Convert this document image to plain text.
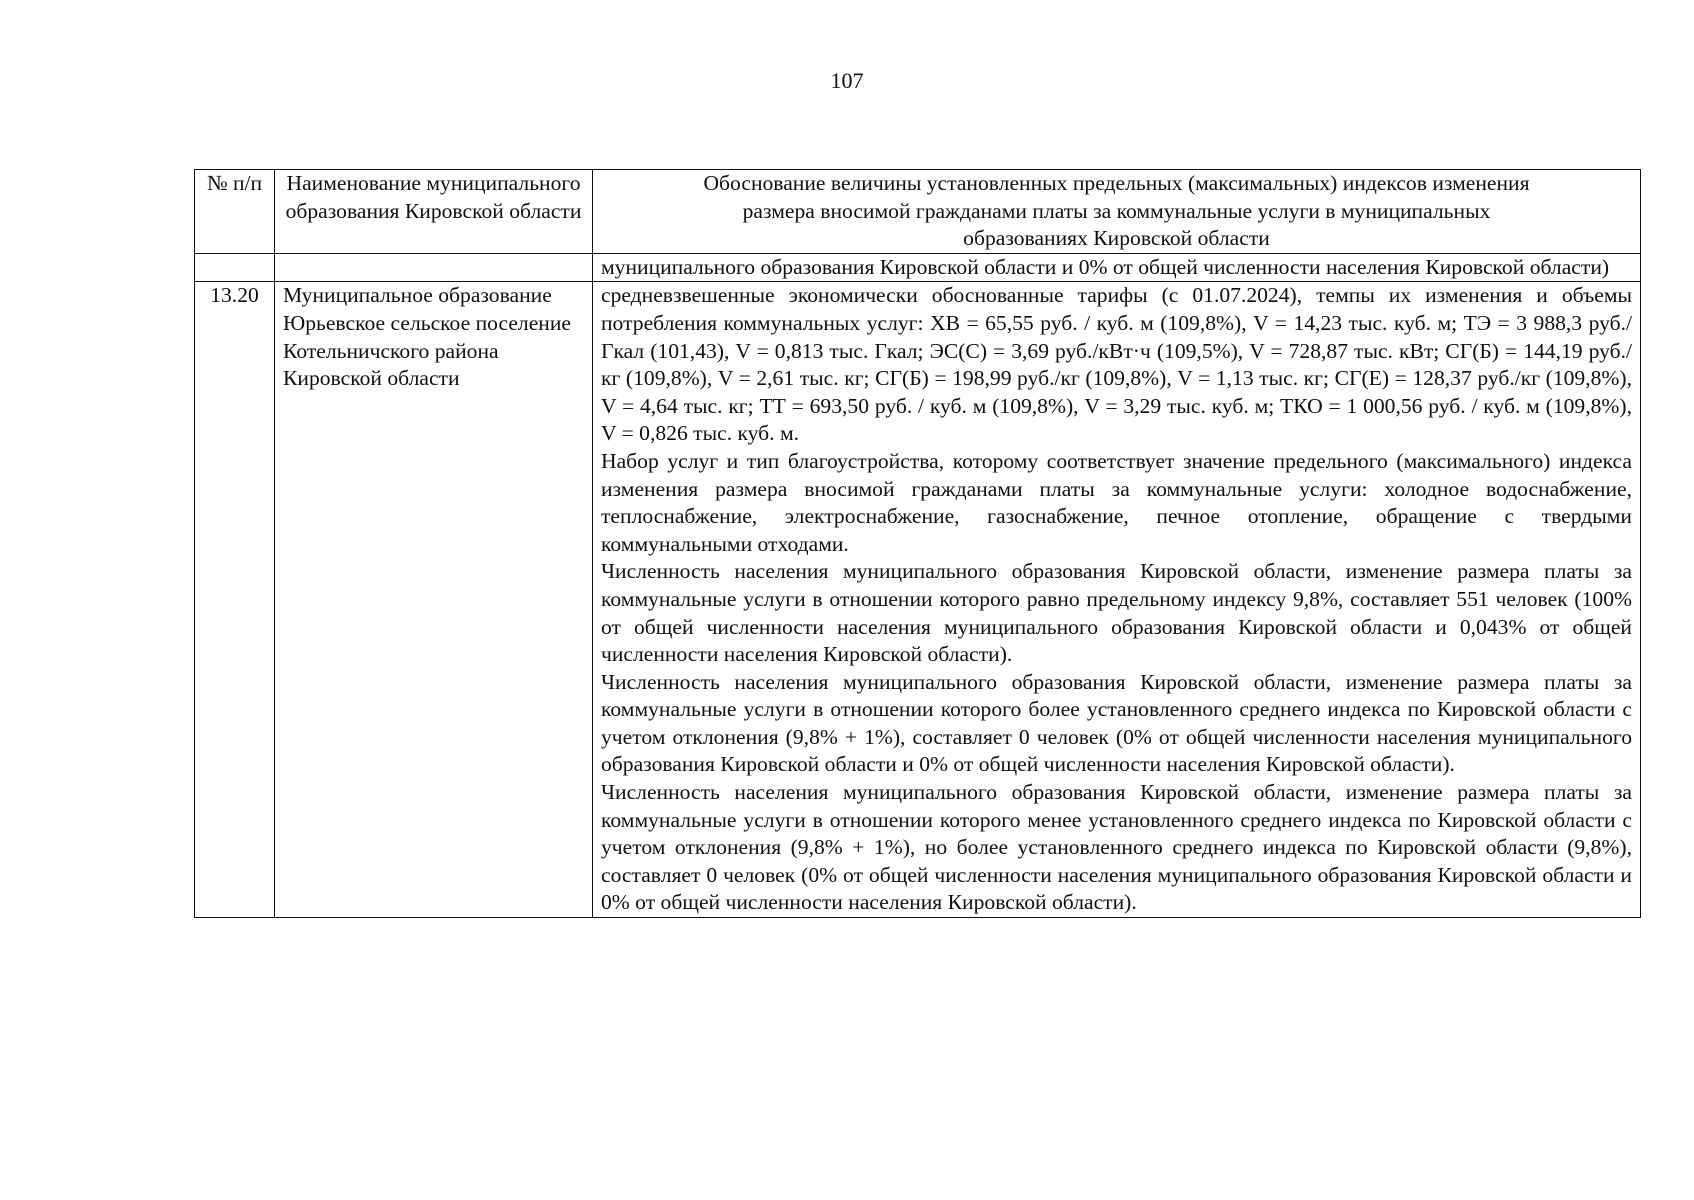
107
№ п/п	Наименование муниципального образования Кировской области	Обоснование величины установленных предельных (максимальных) индексов изменения размера вносимой гражданами платы за коммунальные услуги в муниципальных образованиях Кировской области
		муниципального образования Кировской области и 0% от общей численности населения Кировской области)
13.20	Муниципальное образование Юрьевское сельское поселение Котельничского района Кировской области	средневзвешенные экономически обоснованные тарифы (с 01.07.2024), темпы их изменения и объемы потребления коммунальных услуг: ХВ = 65,55 руб. / куб. м (109,8%), V = 14,23 тыс. куб. м; ТЭ = 3 988,3 руб./Гкал (101,43), V = 0,813 тыс. Гкал; ЭС(С) = 3,69 руб./кВт·ч (109,5%), V = 728,87 тыс. кВт; СГ(Б) = 144,19 руб./кг (109,8%), V = 2,61 тыс. кг; СГ(Б) = 198,99 руб./кг (109,8%), V = 1,13 тыс. кг; СГ(Е) = 128,37 руб./кг (109,8%), V = 4,64 тыс. кг; ТТ = 693,50 руб. / куб. м (109,8%), V = 3,29 тыс. куб. м; ТКО = 1 000,56 руб. / куб. м (109,8%), V = 0,826 тыс. куб. м.

Набор услуг и тип благоустройства, которому соответствует значение предельного (максимального) индекса изменения размера вносимой гражданами платы за коммунальные услуги: холодное водоснабжение, теплоснабжение, электроснабжение, газоснабжение, печное отопление, обращение с твердыми коммунальными отходами.

Численность населения муниципального образования Кировской области, изменение размера платы за коммунальные услуги в отношении которого равно предельному индексу 9,8%, составляет 551 человек (100% от общей численности населения муниципального образования Кировской области и 0,043% от общей численности населения Кировской области).

Численность населения муниципального образования Кировской области, изменение размера платы за коммунальные услуги в отношении которого более установленного среднего индекса по Кировской области с учетом отклонения (9,8% + 1%), составляет 0 человек (0% от общей численности населения муниципального образования Кировской области и 0% от общей численности населения Кировской области).

Численность населения муниципального образования Кировской области, изменение размера платы за коммунальные услуги в отношении которого менее установленного среднего индекса по Кировской области с учетом отклонения (9,8% + 1%), но более установленного среднего индекса по Кировской области (9,8%), составляет 0 человек (0% от общей численности населения муниципального образования Кировской области и 0% от общей численности населения Кировской области).
